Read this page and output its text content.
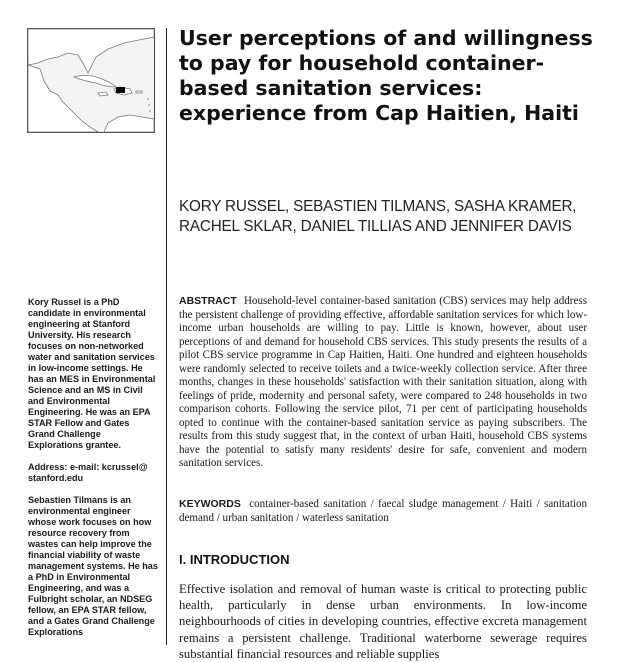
User perceptions of and willingness to pay for household container-based sanitation services: experience from Cap Haitien, Haiti
KORY RUSSEL, SEBASTIEN TILMANS, SASHA KRAMER,
RACHEL SKLAR, DANIEL TILLIAS AND JENNIFER DAVIS

Kory Russel is a PhD candidate in environmental engineering at Stanford University. His research focuses on non-networked water and sanitation services in low-income settings. He has an MES in Environmental Science and an MS in Civil and Environmental Engineering. He was an EPA STAR Fellow and Gates Grand Challenge Explorations grantee.

Address: e-mail: kcrussel@ stanford.edu

Sebastien Tilmans is an environmental engineer whose work focuses on how resource recovery from wastes can help improve the financial viability of waste management systems. He has a PhD in Environmental Engineering, and was a Fulbright scholar, an NDSEG fellow, an EPA STAR fellow, and a Gates Grand Challenge Explorations

ABSTRACT Household-level container-based sanitation (CBS) services may help address the persistent challenge of providing effective, affordable sanitation services for which low-income urban households are willing to pay. Little is known, however, about user perceptions of and demand for household CBS services. This study presents the results of a pilot CBS service programme in Cap Haitien, Haiti. One hundred and eighteen households were randomly selected to receive toilets and a twice-weekly collection service. After three months, changes in these households' satisfaction with their sanitation situation, along with feelings of pride, modernity and personal safety, were compared to 248 households in two comparison cohorts. Following the service pilot, 71 per cent of participating households opted to continue with the container-based sanitation service as paying subscribers. The results from this study suggest that, in the context of urban Haiti, household CBS systems have the potential to satisfy many residents' desire for safe, convenient and modern sanitation services.

KEYWORDS container-based sanitation / faecal sludge management / Haiti / sanitation demand / urban sanitation / waterless sanitation

I. INTRODUCTION

Effective isolation and removal of human waste is critical to protecting public health, particularly in dense urban environments. In low-income neighbourhoods of cities in developing countries, effective excreta management remains a persistent challenge. Traditional waterborne sewerage requires substantial financial resources and reliable supplies
